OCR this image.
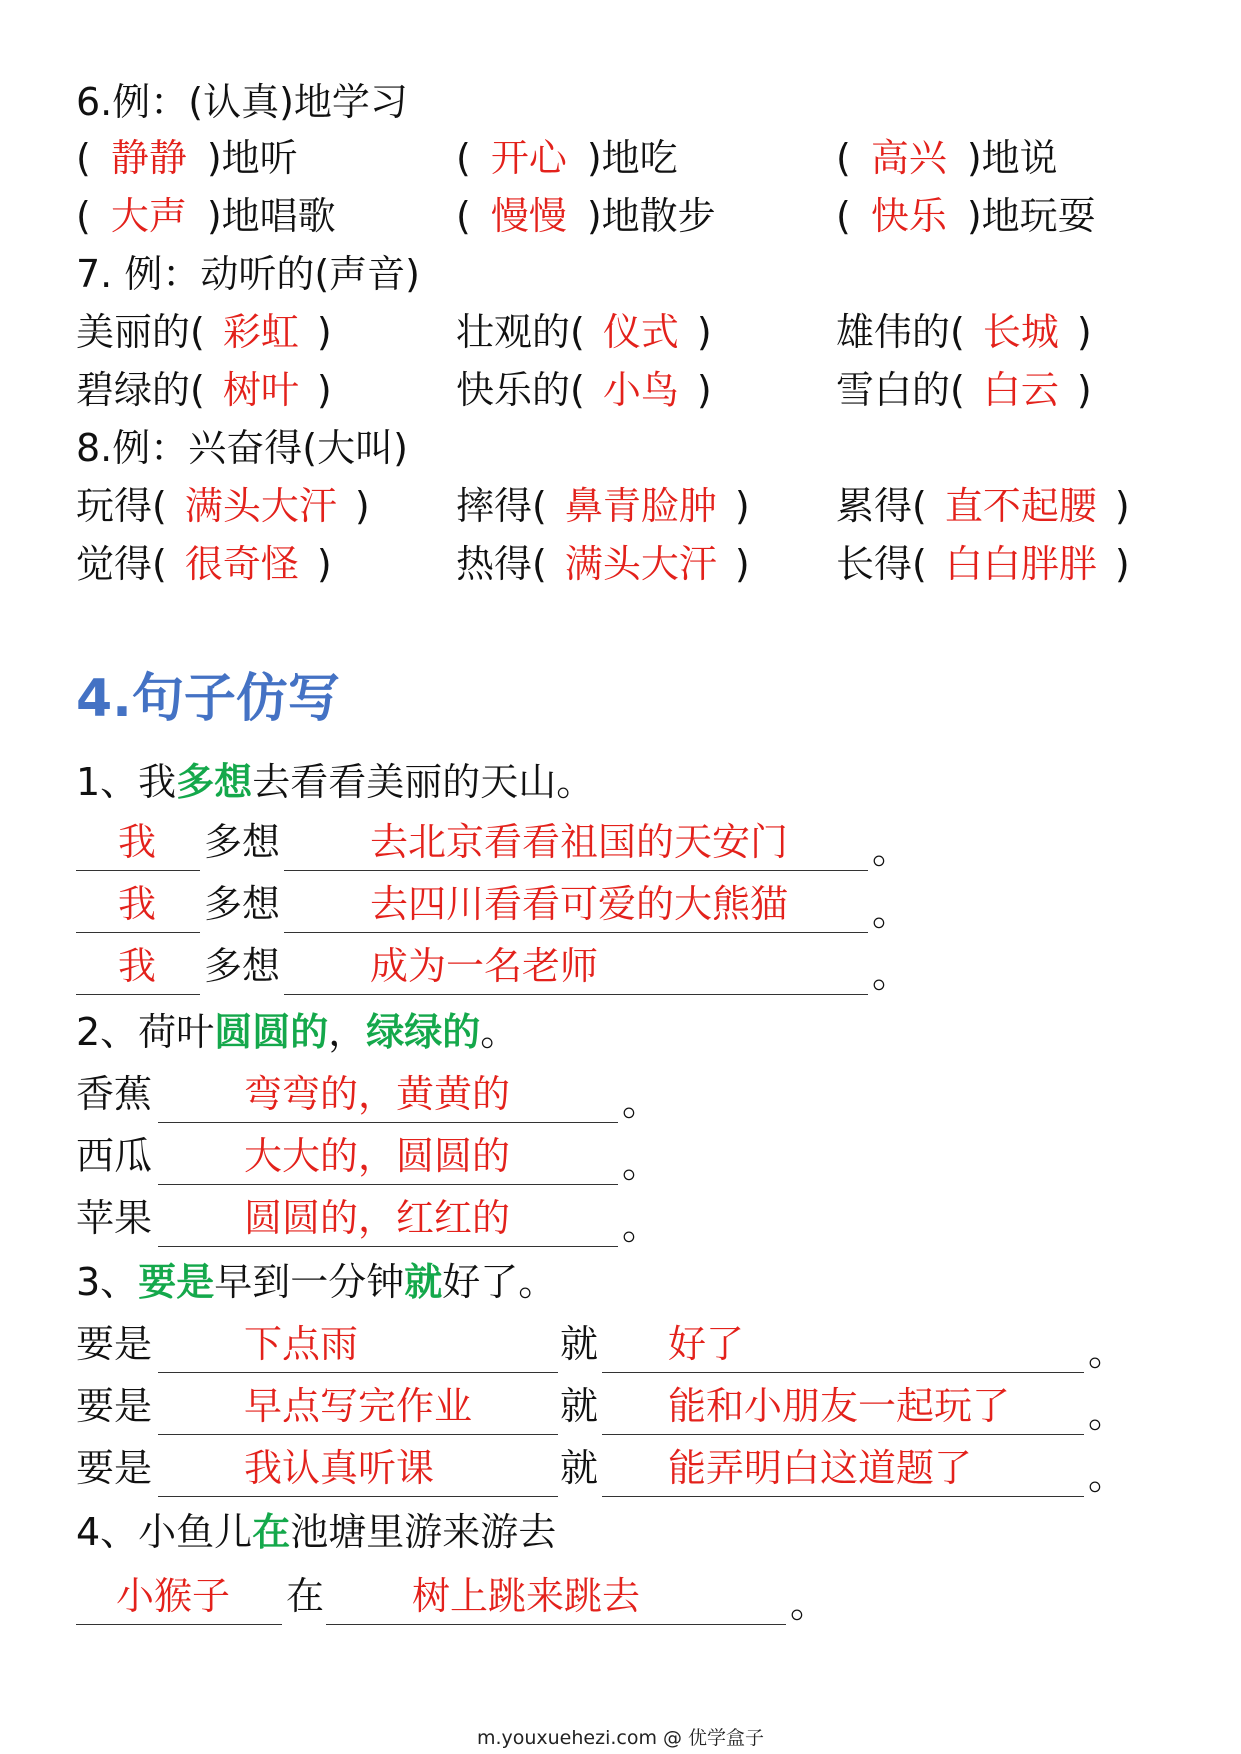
6.例：(认真)地学习
( 静静 )地听	( 开心 )地吃	( 高兴 )地说
( 大声 )地唱歌	( 慢慢 )地散步	( 快乐 )地玩耍
7. 例：动听的(声音)
美丽的( 彩虹 )	壮观的( 仪式 )	雄伟的( 长城 )
碧绿的( 树叶 )	快乐的( 小鸟 )	雪白的( 白云 )
8.例：兴奋得(大叫)
玩得( 满头大汗 ) 摔得( 鼻青脸肿 ) 累得( 直不起腰 )
觉得( 很奇怪 )	热得( 满头大汗 ) 长得( 白白胖胖 )
4.句子仿写
1、我多想去看看美丽的天山。
我 多想 去北京看看祖国的天安门 。
我 多想 去四川看看可爱的大熊猫 。
我 多想 成为一名老师	。
2、荷叶圆圆的，绿绿的。
香蕉 弯弯的，黄黄的	。
西瓜 大大的，圆圆的	。
苹果 圆圆的，红红的	。
3、要是早到一分钟就好了。
要是 下点雨	就 好了	。
要是 早点写完作业 就 能和小朋友一起玩了 。
要是 我认真听课	就 能弄明白这道题了	。
4、小鱼儿在池塘里游来游去
小猴子 在 树上跳来跳去	。
m.youxuehezi.com @ 优学盒子
